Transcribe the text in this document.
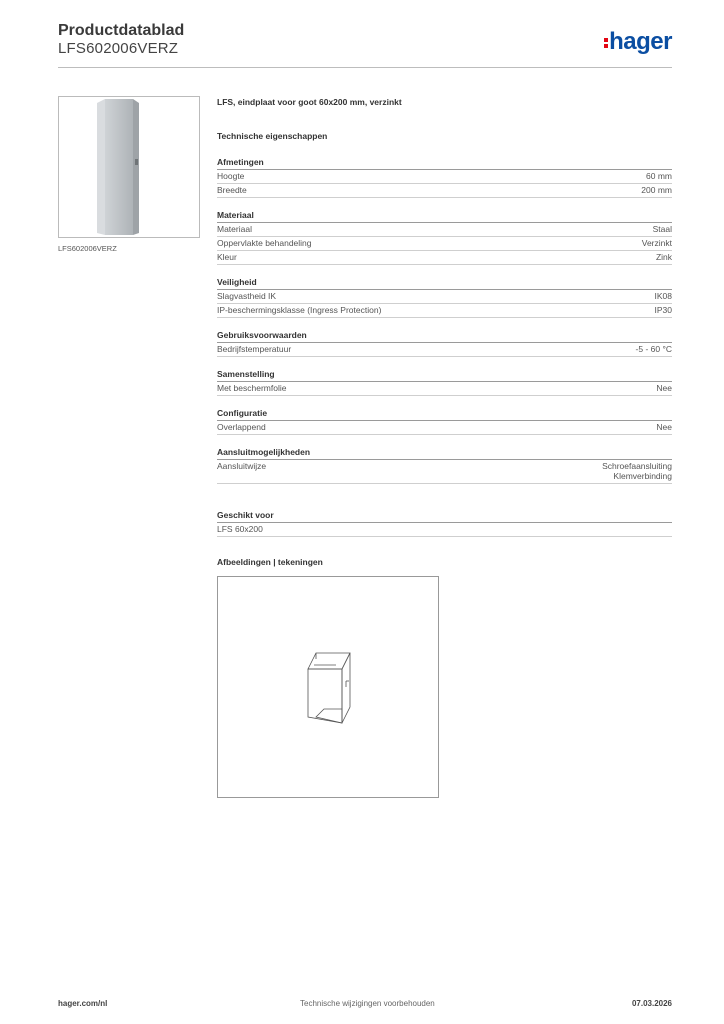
Productdatablad
LFS602006VERZ	hager
LFS602006VERZ
LFS, eindplaat voor goot 60x200 mm, verzinkt
Technische eigenschappen
Afmetingen
Hoogte	60 mm
Breedte	200 mm
Materiaal
Materiaal	Staal
Oppervlakte behandeling	Verzinkt
Kleur	Zink
Veiligheid
Slagvastheid IK	IK08
IP-beschermingsklasse (Ingress Protection)	IP30
Gebruiksvoorwaarden
Bedrijfstemperatuur	-5 - 60 °C
Samenstelling
Met beschermfolie	Nee
Configuratie
Overlappend	Nee
Aansluitmogelijkheden
Aansluitwijze	Schroefaansluiting
Klemverbinding
Geschikt voor
LFS 60x200
Afbeeldingen | tekeningen
hager.com/nl	Technische wijzigingen voorbehouden	07.03.2026
